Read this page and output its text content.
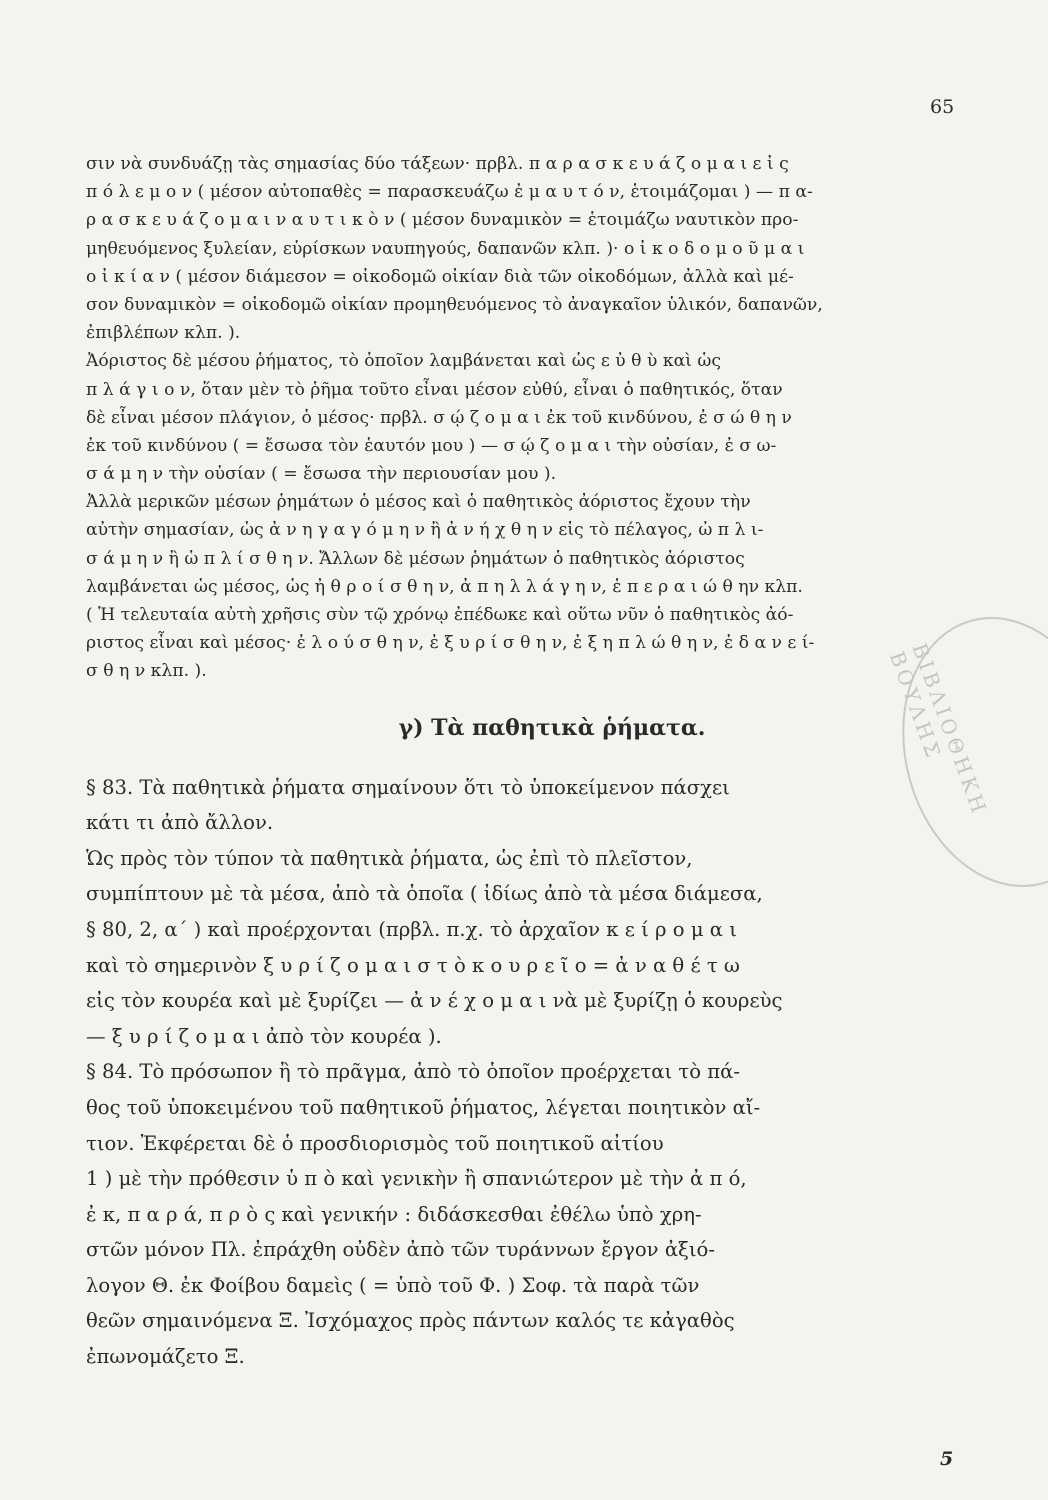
65
ΒΙΒΛΙΟΘΗΚΗ ΒΟΥΛΗΣ
σιν νὰ συνδυάζῃ τὰς σημασίας δύο τάξεων· πρβλ. π α ρ α σ κ ε υ ά ζ ο μ α ι ε ἰ ς
π ό λ ε μ ο ν ( μέσον αὐτοπαθὲς = παρασκευάζω ἐ μ α υ τ ό ν, ἑτοιμάζομαι ) — π α-
ρ α σ κ ε υ ά ζ ο μ α ι ν α υ τ ι κ ὸ ν ( μέσον δυναμικὸν = ἑτοιμάζω ναυτικὸν προ-
μηθευόμενος ξυλείαν, εὑρίσκων ναυπηγούς, δαπανῶν κλπ. )· ο ἰ κ ο δ ο μ ο ῦ μ α ι
ο ἰ κ ί α ν ( μέσον διάμεσον = οἰκοδομῶ οἰκίαν διὰ τῶν οἰκοδόμων, ἀλλὰ καὶ μέ-
σον δυναμικὸν = οἰκοδομῶ οἰκίαν προμηθευόμενος τὸ ἀναγκαῖον ὑλικόν, δαπανῶν,
ἐπιβλέπων κλπ. ).
Ἀόριστος δὲ μέσου ῥήματος, τὸ ὁποῖον λαμβάνεται καὶ ὡς ε ὐ θ ὺ καὶ ὡς
π λ ά γ ι ο ν, ὅταν μὲν τὸ ῥῆμα τοῦτο εἶναι μέσον εὐθύ, εἶναι ὁ παθητικός, ὅταν
δὲ εἶναι μέσον πλάγιον, ὁ μέσος· πρβλ. σ ῴ ζ ο μ α ι ἐκ τοῦ κινδύνου, ἐ σ ώ θ η ν
ἐκ τοῦ κινδύνου ( = ἔσωσα τὸν ἑαυτόν μου ) — σ ῴ ζ ο μ α ι τὴν οὐσίαν, ἐ σ ω-
σ ά μ η ν τὴν οὐσίαν ( = ἔσωσα τὴν περιουσίαν μου ).
Ἀλλὰ μερικῶν μέσων ῥημάτων ὁ μέσος καὶ ὁ παθητικὸς ἀόριστος ἔχουν τὴν
αὐτὴν σημασίαν, ὡς ἀ ν η γ α γ ό μ η ν ἢ ἀ ν ή χ θ η ν εἰς τὸ πέλαγος, ὠ π λ ι-
σ ά μ η ν ἢ ὡ π λ ί σ θ η ν. Ἄλλων δὲ μέσων ῥημάτων ὁ παθητικὸς ἀόριστος
λαμβάνεται ὡς μέσος, ὡς ἠ θ ρ ο ί σ θ η ν, ἀ π η λ λ ά γ η ν, ἐ π ε ρ α ι ώ θ ην κλπ.
( Ἡ τελευταία αὐτὴ χρῆσις σὺν τῷ χρόνῳ ἐπέδωκε καὶ οὕτω νῦν ὁ παθητικὸς ἀό-
ριστος εἶναι καὶ μέσος· ἐ λ ο ύ σ θ η ν, ἐ ξ υ ρ ί σ θ η ν, ἐ ξ η π λ ώ θ η ν, ἐ δ α ν ε ί-
σ θ η ν κλπ. ).
γ) Τὰ παθητικὰ ῥήματα.
§ 83. Τὰ παθητικὰ ῥήματα σημαίνουν ὅτι τὸ ὑποκείμενον πάσχει
κάτι τι ἀπὸ ἄλλον.
Ὡς πρὸς τὸν τύπον τὰ παθητικὰ ῥήματα, ὡς ἐπὶ τὸ πλεῖστον,
συμπίπτουν μὲ τὰ μέσα, ἀπὸ τὰ ὁποῖα ( ἰδίως ἀπὸ τὰ μέσα διάμεσα,
§ 80, 2, α΄ ) καὶ προέρχονται (πρβλ. π.χ. τὸ ἀρχαῖον κ ε ί ρ ο μ α ι
καὶ τὸ σημερινὸν ξ υ ρ ί ζ ο μ α ι σ τ ὸ κ ο υ ρ ε ῖ ο = ἀ ν α θ έ τ ω
εἰς τὸν κουρέα καὶ μὲ ξυρίζει — ἀ ν έ χ ο μ α ι νὰ μὲ ξυρίζῃ ὁ κουρεὺς
— ξ υ ρ ί ζ ο μ α ι ἀπὸ τὸν κουρέα ).
§ 84. Τὸ πρόσωπον ἢ τὸ πρᾶγμα, ἀπὸ τὸ ὁποῖον προέρχεται τὸ πά-
θος τοῦ ὑποκειμένου τοῦ παθητικοῦ ῥήματος, λέγεται ποιητικὸν αἴ-
τιον. Ἐκφέρεται δὲ ὁ προσδιορισμὸς τοῦ ποιητικοῦ αἰτίου
1 ) μὲ τὴν πρόθεσιν ὑ π ὸ καὶ γενικὴν ἢ σπανιώτερον μὲ τὴν ἀ π ό,
ἐ κ, π α ρ ά, π ρ ὸ ς καὶ γενικήν : διδάσκεσθαι ἐθέλω ὑπὸ χρη-
στῶν μόνον Πλ. ἐπράχθη οὐδὲν ἀπὸ τῶν τυράννων ἔργον ἀξιό-
λογον Θ. ἐκ Φοίβου δαμεὶς ( = ὑπὸ τοῦ Φ. ) Σοφ. τὰ παρὰ τῶν
θεῶν σημαινόμενα Ξ. Ἰσχόμαχος πρὸς πάντων καλός τε κἀγαθὸς
ἐπωνομάζετο Ξ.
5
